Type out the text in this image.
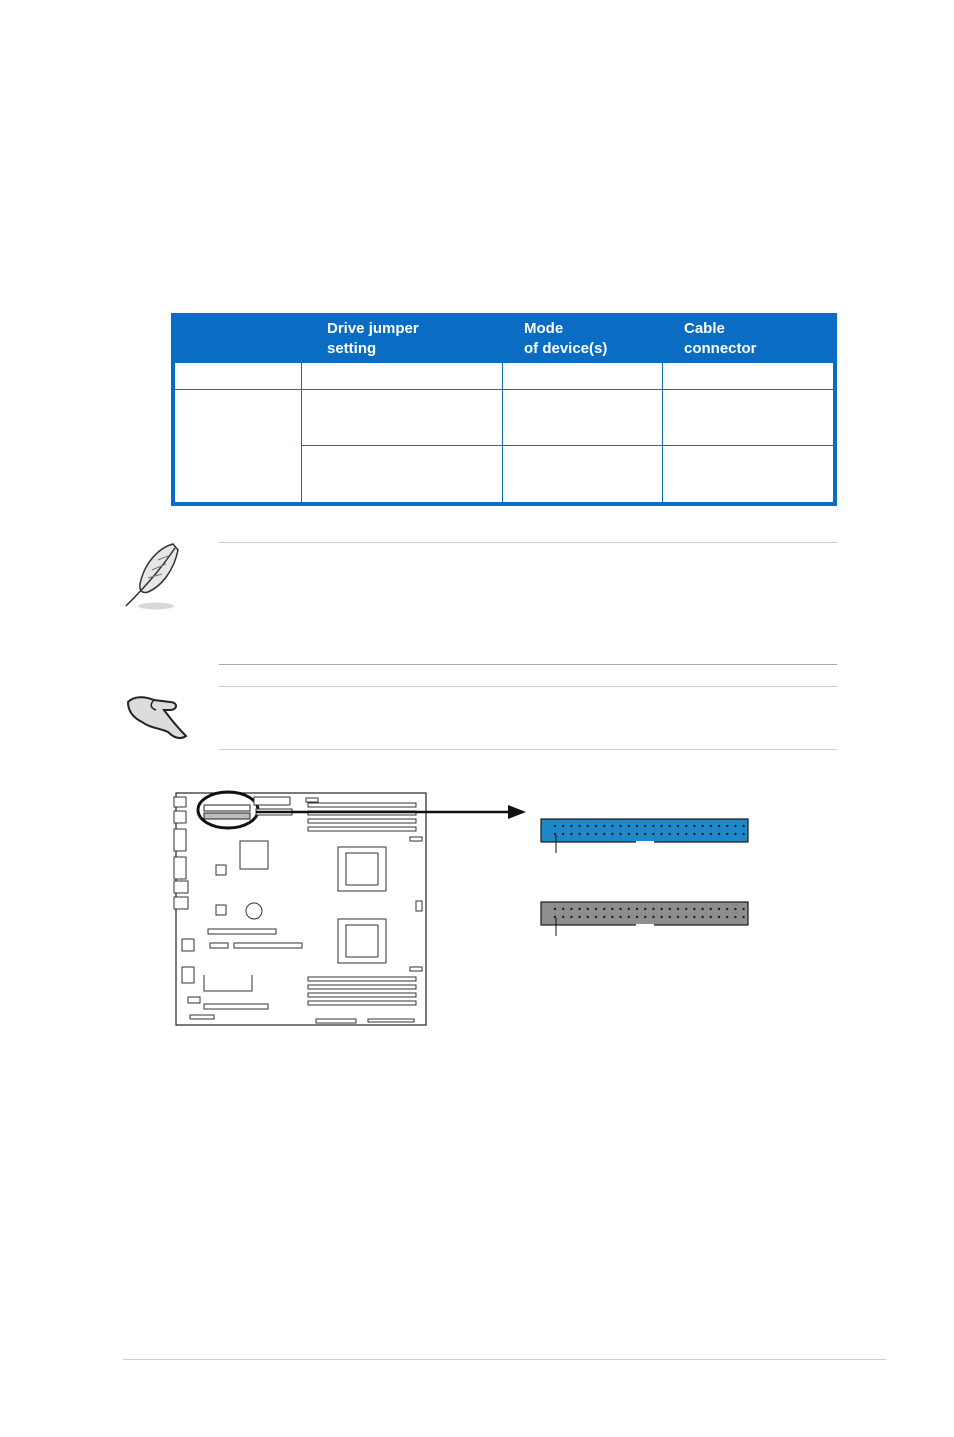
Drive jumper
setting
Mode
of device(s)
Cable
connector
